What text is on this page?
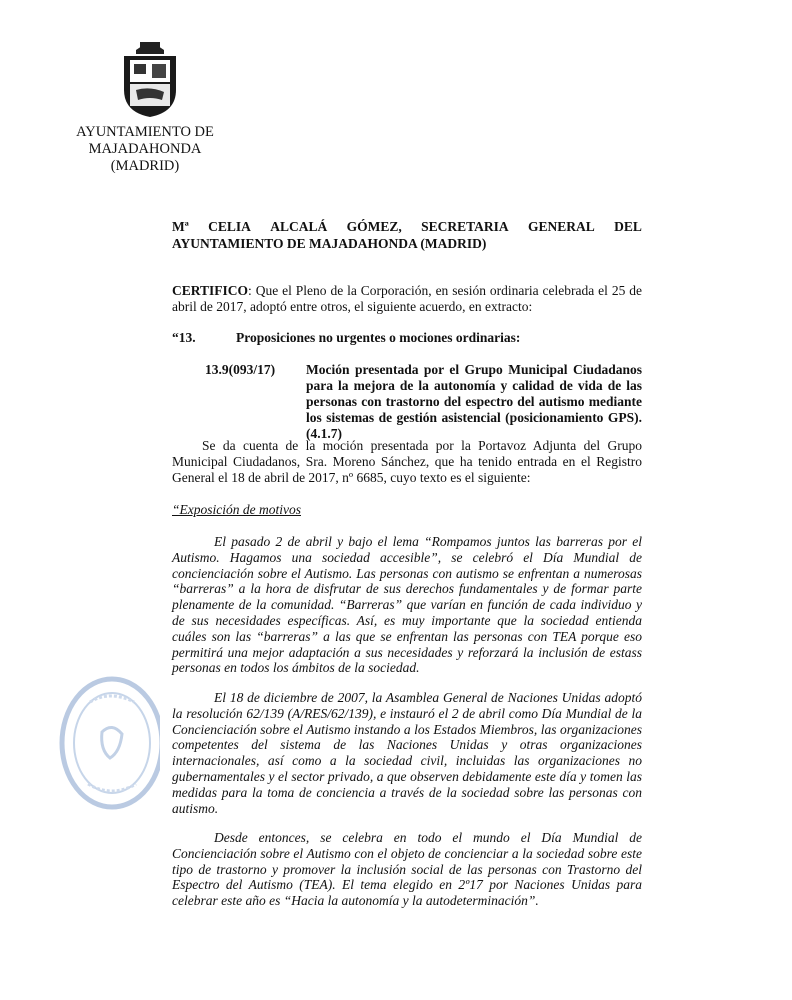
AYUNTAMIENTO DE
MAJADAHONDA
(MADRID)
Mª CELIA ALCALÁ GÓMEZ, SECRETARIA GENERAL DEL
AYUNTAMIENTO DE MAJADAHONDA (MADRID)
CERTIFICO: Que el Pleno de la Corporación, en sesión ordinaria celebrada el 25 de abril de 2017, adoptó entre otros, el siguiente acuerdo, en extracto:
“13.	Proposiciones no urgentes o mociones ordinarias:
13.9(093/17) Moción presentada por el Grupo Municipal Ciudadanos para la mejora de la autonomía y calidad de vida de las personas con trastorno del espectro del autismo mediante los sistemas de gestión asistencial (posicionamiento GPS). (4.1.7)
Se da cuenta de la moción presentada por la Portavoz Adjunta del Grupo Municipal Ciudadanos, Sra. Moreno Sánchez, que ha tenido entrada en el Registro General el 18 de abril de 2017, nº 6685, cuyo texto es el siguiente:
“Exposición de motivos
El pasado 2 de abril y bajo el lema “Rompamos juntos las barreras por el Autismo. Hagamos una sociedad accesible”, se celebró el Día Mundial de concienciación sobre el Autismo. Las personas con autismo se enfrentan a numerosas “barreras” a la hora de disfrutar de sus derechos fundamentales y de formar parte plenamente de la comunidad. “Barreras” que varían en función de cada individuo y de sus necesidades específicas. Así, es muy importante que la sociedad entienda cuáles son las “barreras” a las que se enfrentan las personas con TEA porque eso permitirá una mejor adaptación a sus necesidades y reforzará la inclusión de estass personas en todos los ámbitos de la sociedad.
El 18 de diciembre de 2007, la Asamblea General de Naciones Unidas adoptó la resolución 62/139 (A/RES/62/139), e instauró el 2 de abril como Día Mundial de la Concienciación sobre el Autismo instando a los Estados Miembros, las organizaciones competentes del sistema de las Naciones Unidas y otras organizaciones internacionales, así como a la sociedad civil, incluidas las organizaciones no gubernamentales y el sector privado, a que observen debidamente este día y tomen las medidas para la toma de conciencia a través de la sociedad sobre las personas con autismo.
Desde entonces, se celebra en todo el mundo el Día Mundial de Concienciación sobre el Autismo con el objeto de concienciar a la sociedad sobre este tipo de trastorno y promover la inclusión social de las personas con Trastorno del Espectro del Autismo (TEA). El tema elegido en 2º17 por Naciones Unidas para celebrar este año es “Hacia la autonomía y la autodeterminación”.
